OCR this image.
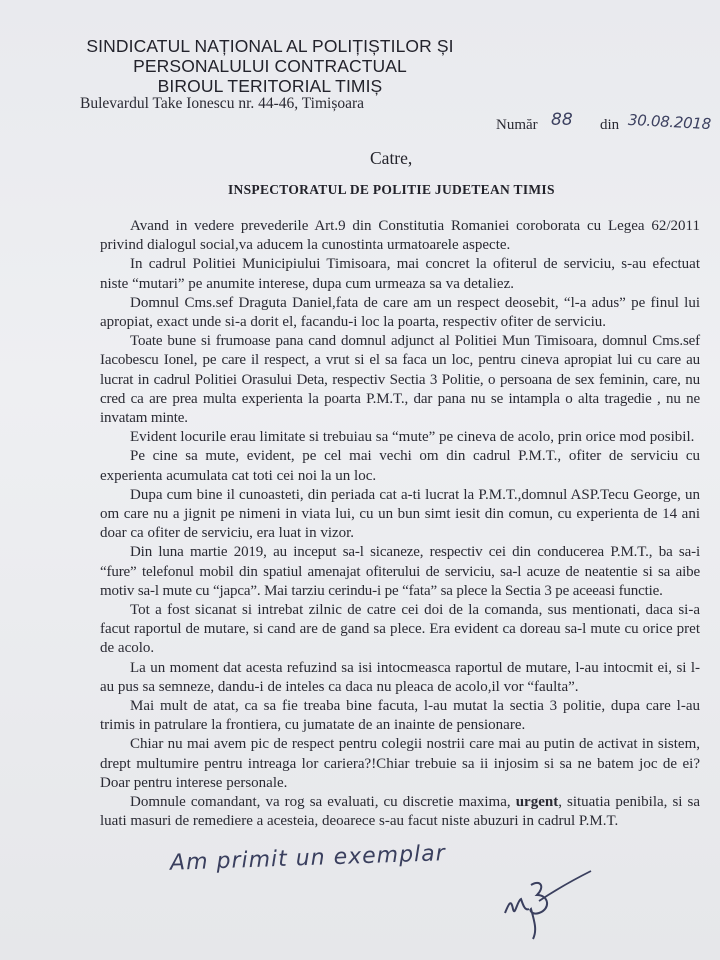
SINDICATUL NAȚIONAL AL POLIȚIȘTILOR ȘI
PERSONALULUI CONTRACTUAL
BIROUL TERITORIAL TIMIȘ
Bulevardul Take Ionescu nr. 44-46, Timișoara
Număr 88 din 30.08.2018
Catre,
INSPECTORATUL DE POLITIE JUDETEAN TIMIS

Avand in vedere prevederile Art.9 din Constitutia Romaniei coroborata cu Legea 62/2011 privind dialogul social,va aducem la cunostinta urmatoarele aspecte.

In cadrul Politiei Municipiului Timisoara, mai concret la ofiterul de serviciu, s-au efectuat niste “mutari” pe anumite interese, dupa cum urmeaza sa va detaliez.

Domnul Cms.sef Draguta Daniel,fata de care am un respect deosebit, “l-a adus” pe finul lui apropiat, exact unde si-a dorit el, facandu-i loc la poarta, respectiv ofiter de serviciu.

Toate bune si frumoase pana cand domnul adjunct al Politiei Mun Timisoara, domnul Cms.sef Iacobescu Ionel, pe care il respect, a vrut si el sa faca un loc, pentru cineva apropiat lui cu care au lucrat in cadrul Politiei Orasului Deta, respectiv Sectia 3 Politie, o persoana de sex feminin, care, nu cred ca are prea multa experienta la poarta P.M.T., dar pana nu se intampla o alta tragedie , nu ne invatam minte.

Evident locurile erau limitate si trebuiau sa “mute” pe cineva de acolo, prin orice mod posibil.

Pe cine sa mute, evident, pe cel mai vechi om din cadrul P.M.T., ofiter de serviciu cu experienta acumulata cat toti cei noi la un loc.

Dupa cum bine il cunoasteti, din periada cat a-ti lucrat la P.M.T.,domnul ASP.Tecu George, un om care nu a jignit pe nimeni in viata lui, cu un bun simt iesit din comun, cu experienta de 14 ani doar ca ofiter de serviciu, era luat in vizor.

Din luna martie 2019, au inceput sa-l sicaneze, respectiv cei din conducerea P.M.T., ba sa-i “fure” telefonul mobil din spatiul amenajat ofiterului de serviciu, sa-l acuze de neatentie si sa aibe motiv sa-l mute cu “japca”. Mai tarziu cerindu-i pe “fata” sa plece la Sectia 3 pe aceeasi functie.

Tot a fost sicanat si intrebat zilnic de catre cei doi de la comanda, sus mentionati, daca si-a facut raportul de mutare, si cand are de gand sa plece. Era evident ca doreau sa-l mute cu orice pret de acolo.

La un moment dat acesta refuzind sa isi intocmeasca raportul de mutare, l-au intocmit ei, si l-au pus sa semneze, dandu-i de inteles ca daca nu pleaca de acolo,il vor “faulta”.

Mai mult de atat, ca sa fie treaba bine facuta, l-au mutat la sectia 3 politie, dupa care l-au trimis in patrulare la frontiera, cu jumatate de an inainte de pensionare.

Chiar nu mai avem pic de respect pentru colegii nostrii care mai au putin de activat in sistem, drept multumire pentru intreaga lor cariera?!Chiar trebuie sa ii injosim si sa ne batem joc de ei?Doar pentru interese personale.

Domnule comandant, va rog sa evaluati, cu discretie maxima, urgent, situatia penibila, si sa luati masuri de remediere a acesteia, deoarece s-au facut niste abuzuri in cadrul P.M.T.

Am primit un exemplar
